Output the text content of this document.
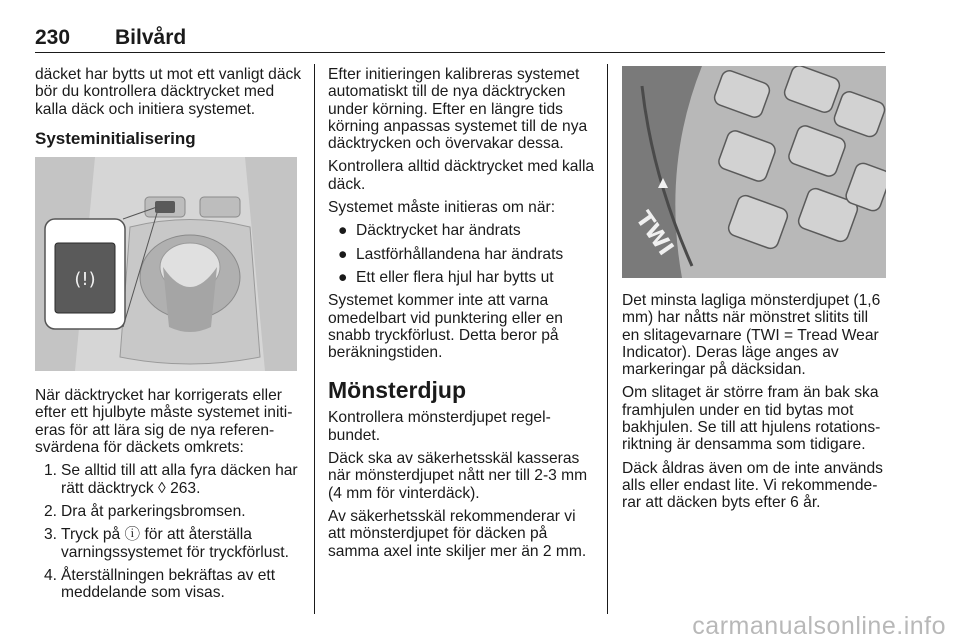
230 Bilvård

däcket har bytts ut mot ett vanligt däck bör du kontrollera däcktrycket med kalla däck och initiera systemet.

Systeminitialisering
(!)

När däcktrycket har korrigerats eller efter ett hjulbyte måste systemet initi-eras för att lära sig de nya referen-svärdena för däckets omkrets:

1. Se alltid till att alla fyra däcken har rätt däcktryck ◊ 263.
2. Dra åt parkeringsbromsen.
3. Tryck på ⓘ för att återställa varningssystemet för tryckförlust.
4. Återställningen bekräftas av ett meddelande som visas.

Efter initieringen kalibreras systemet automatiskt till de nya däcktrycken under körning. Efter en längre tids körning anpassas systemet till de nya däcktrycken och övervakar dessa.

Kontrollera alltid däcktrycket med kalla däck.

Systemet måste initieras om när:

● Däcktrycket har ändrats
● Lastförhållandena har ändrats
● Ett eller flera hjul har bytts ut

Systemet kommer inte att varna omedelbart vid punktering eller en snabb tryckförlust. Detta beror på beräkningstiden.

Mönsterdjup

Kontrollera mönsterdjupet regel-bundet.

Däck ska av säkerhetsskäl kasseras när mönsterdjupet nått ner till 2-3 mm (4 mm för vinterdäck).

Av säkerhetsskäl rekommenderar vi att mönsterdjupet för däcken på samma axel inte skiljer mer än 2 mm.

TWI

Det minsta lagliga mönsterdjupet (1,6 mm) har nåtts när mönstret slitits till en slitagevarnare (TWI = Tread Wear Indicator). Deras läge anges av markeringar på däcksidan.

Om slitaget är större fram än bak ska framhjulen under en tid bytas mot bakhjulen. Se till att hjulens rotations-riktning är densamma som tidigare.

Däck åldras även om de inte används alls eller endast lite. Vi rekommende-rar att däcken byts efter 6 år.

carmanualsonline.info
